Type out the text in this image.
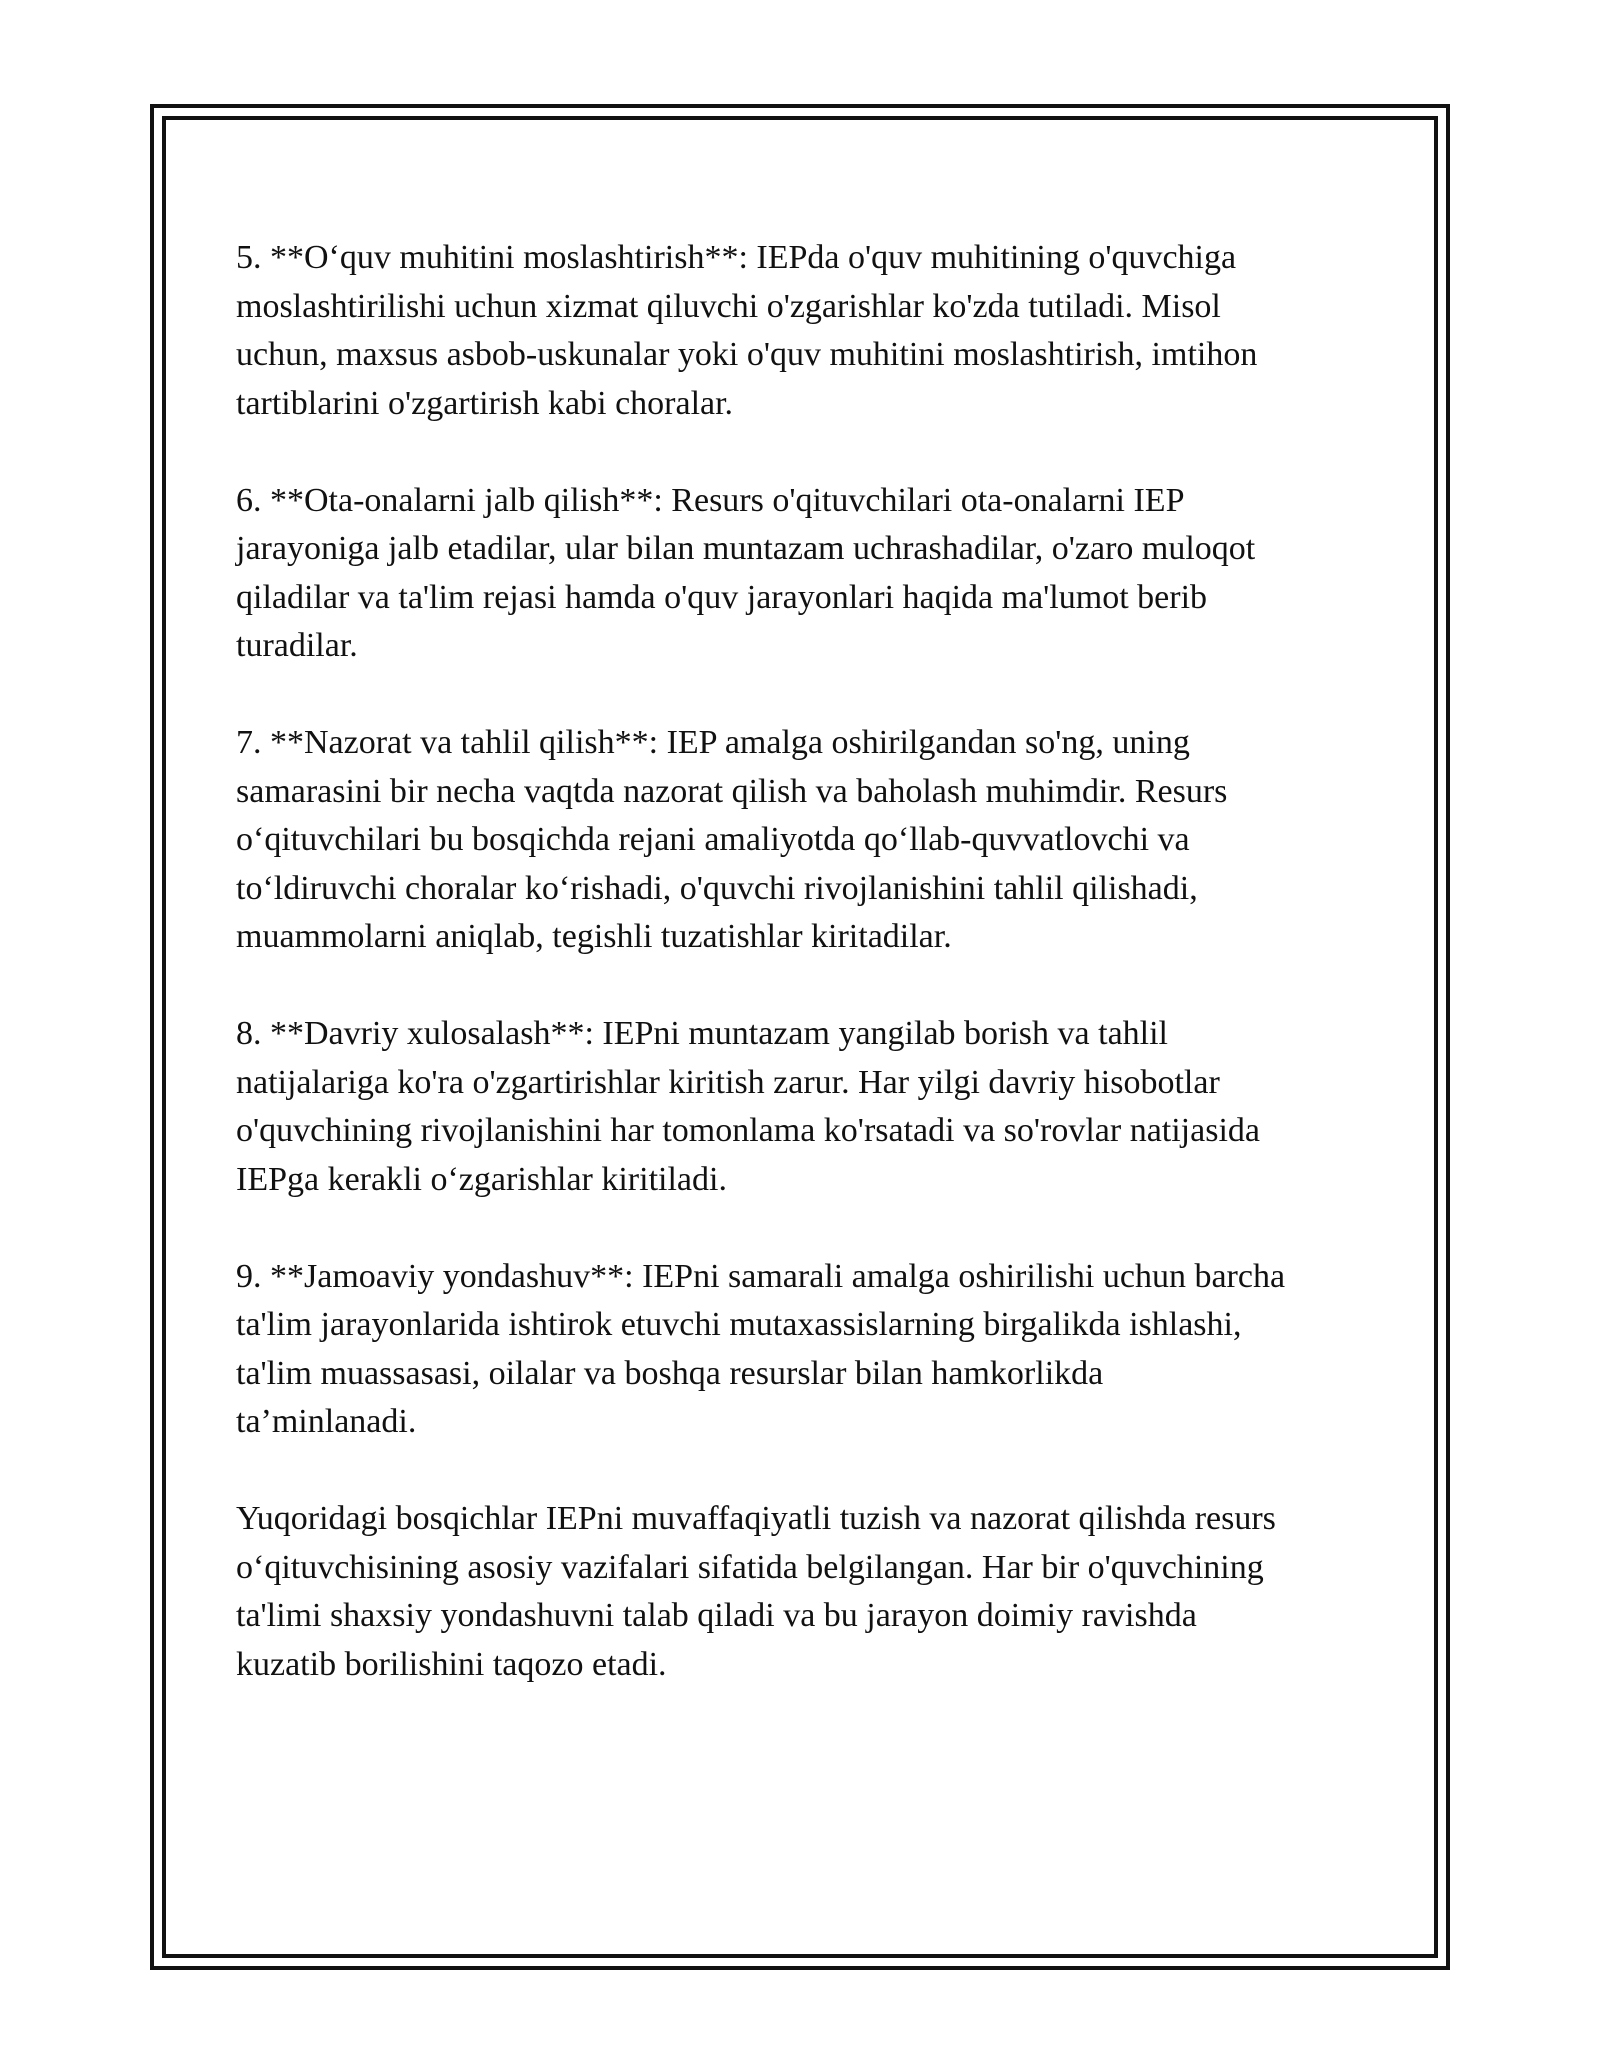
5. **O‘quv muhitini moslashtirish**: IEPda o'quv muhitining o'quvchiga
moslashtirilishi uchun xizmat qiluvchi o'zgarishlar ko'zda tutiladi. Misol
uchun, maxsus asbob-uskunalar yoki o'quv muhitini moslashtirish, imtihon
tartiblarini o'zgartirish kabi choralar.

6. **Ota-onalarni jalb qilish**: Resurs o'qituvchilari ota-onalarni IEP
jarayoniga jalb etadilar, ular bilan muntazam uchrashadilar, o'zaro muloqot
qiladilar va ta'lim rejasi hamda o'quv jarayonlari haqida ma'lumot berib
turadilar.

7. **Nazorat va tahlil qilish**: IEP amalga oshirilgandan so'ng, uning
samarasini bir necha vaqtda nazorat qilish va baholash muhimdir. Resurs
o‘qituvchilari bu bosqichda rejani amaliyotda qo‘llab-quvvatlovchi va
to‘ldiruvchi choralar ko‘rishadi, o'quvchi rivojlanishini tahlil qilishadi,
muammolarni aniqlab, tegishli tuzatishlar kiritadilar.

8. **Davriy xulosalash**: IEPni muntazam yangilab borish va tahlil
natijalariga ko'ra o'zgartirishlar kiritish zarur. Har yilgi davriy hisobotlar
o'quvchining rivojlanishini har tomonlama ko'rsatadi va so'rovlar natijasida
IEPga kerakli o‘zgarishlar kiritiladi.

9. **Jamoaviy yondashuv**: IEPni samarali amalga oshirilishi uchun barcha
ta'lim jarayonlarida ishtirok etuvchi mutaxassislarning birgalikda ishlashi,
ta'lim muassasasi, oilalar va boshqa resurslar bilan hamkorlikda
ta’minlanadi.

Yuqoridagi bosqichlar IEPni muvaffaqiyatli tuzish va nazorat qilishda resurs
o‘qituvchisining asosiy vazifalari sifatida belgilangan. Har bir o'quvchining
ta'limi shaxsiy yondashuvni talab qiladi va bu jarayon doimiy ravishda
kuzatib borilishini taqozo etadi.
